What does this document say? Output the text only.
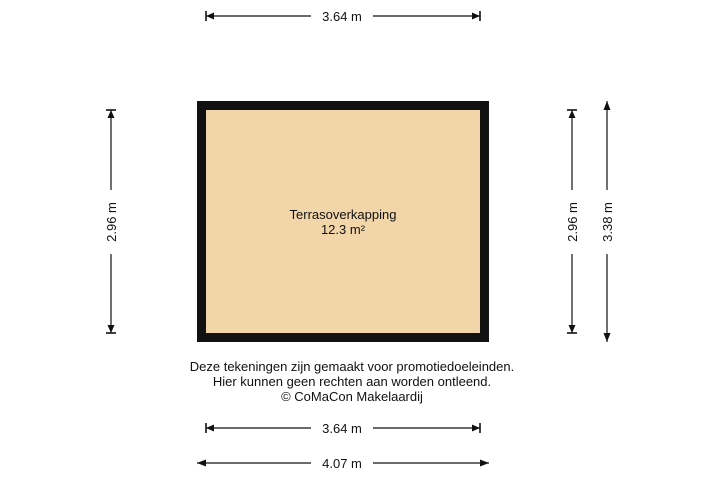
Terrasoverkapping
12.3 m²
3.64 m
2.96 m	2.96 m 3.38 m
Deze tekeningen zijn gemaakt voor promotiedoeleinden.
Hier kunnen geen rechten aan worden ontleend.
© CoMaCon Makelaardij
3.64 m
4.07 m
